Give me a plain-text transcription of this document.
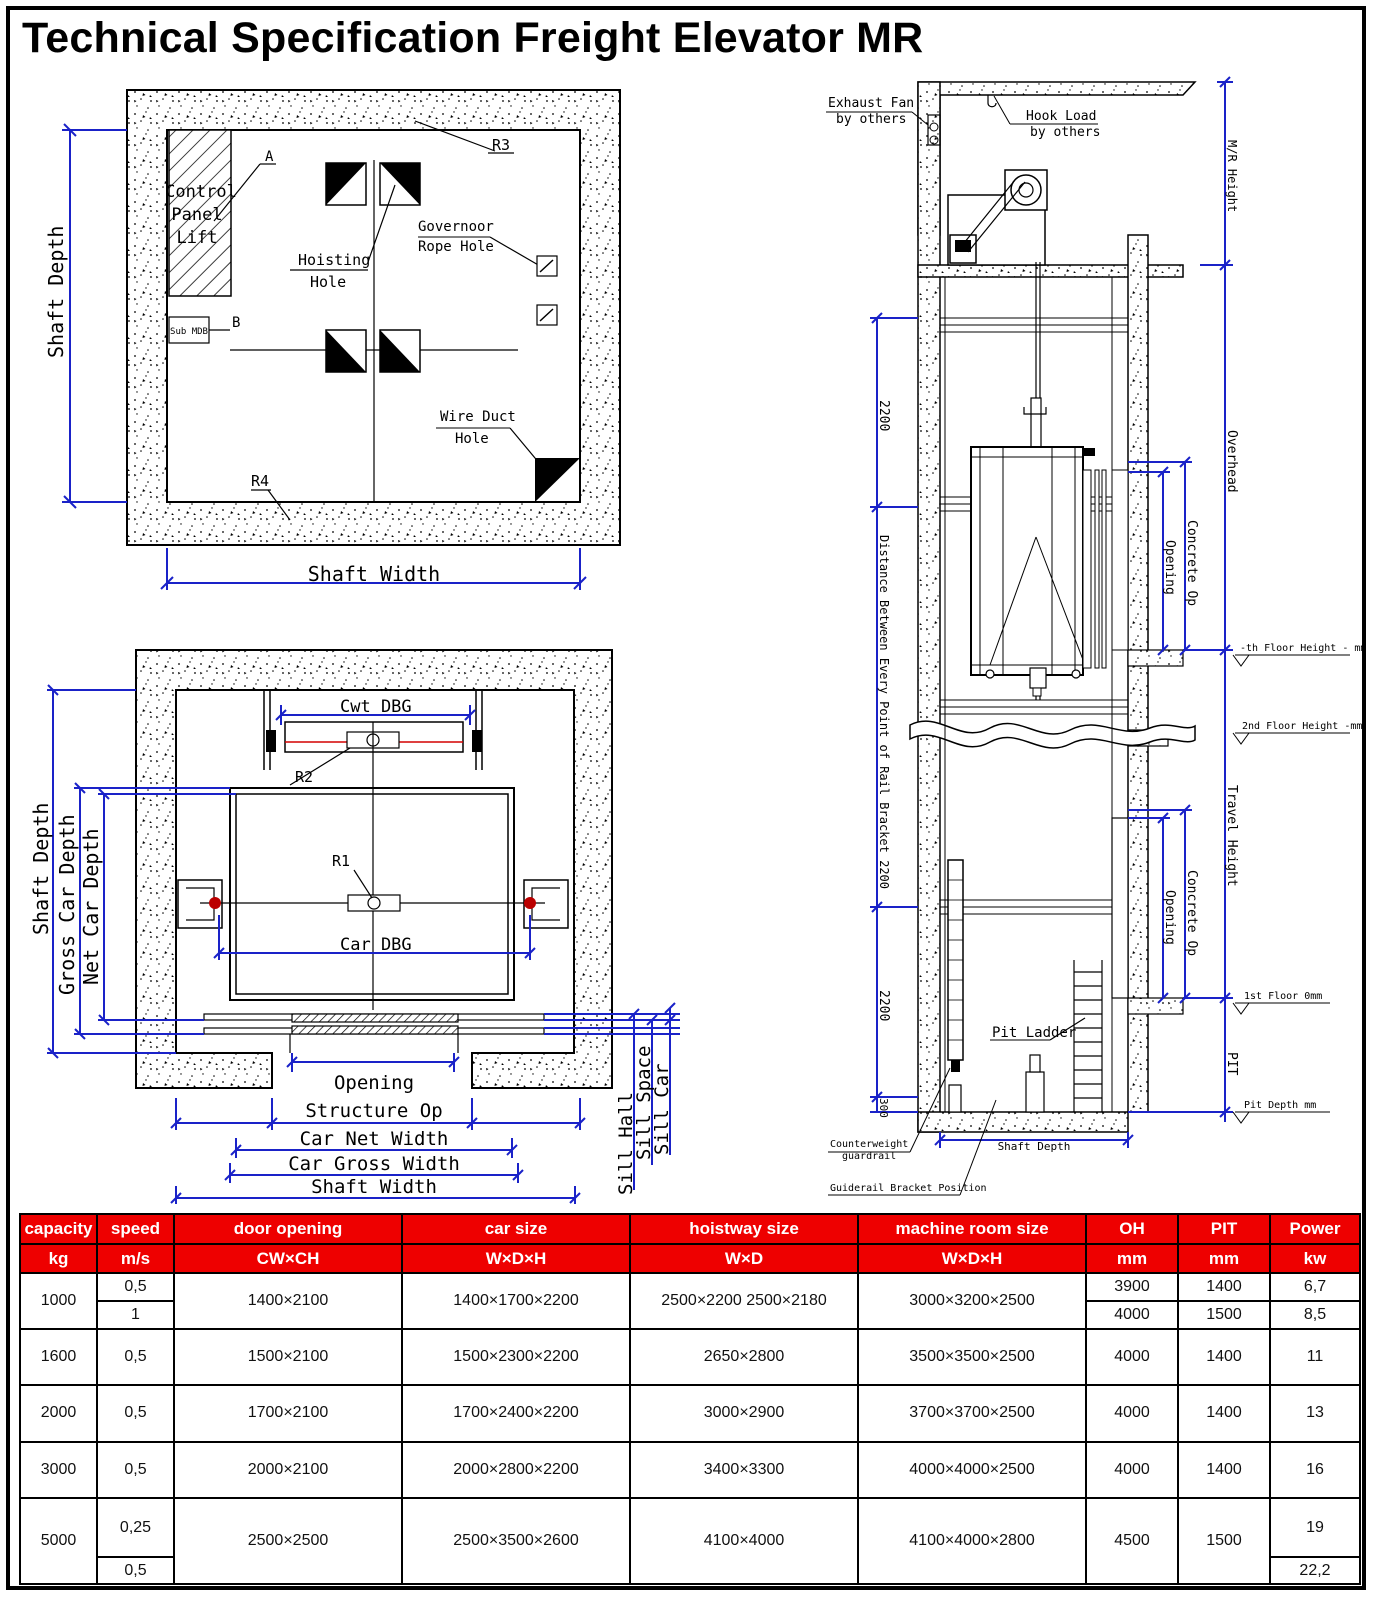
Technical Specification Freight Elevator MR
Control
Panel
Lift
A
Sub MDB
B
R3
Hoisting
Hole
Governoor
Rope Hole
Wire Duct
Hole
R4
Shaft Depth
Shaft Width
Cwt DBG
R2
R1
Car DBG
Shaft Depth Gross Car Depth Net Car Depth
Opening
Structure Op
Car Net Width
Car Gross Width
Shaft Width	Sill Hall
Sill Space
Sill Car
Pit Ladder
Exhaust Fan
by others	Hook Load
by others
M/R Height
Overhead
Travel Height
PIT
2200
Distance Between Every Point of Rail Bracket 2200
2200
300
Concrete Op
Opening
Concrete Op
Opening
-th Floor Height - mm
2nd Floor Height -mm
1st Floor 0mm
Pit Depth mm
Shaft Depth
Counterweight
guardrail
Guiderail Bracket Position
capacity	speed	door opening	car size	hoistway size	machine room size	OH	PIT	Power
kg	m/s	CW×CH	W×D×H	W×D	W×D×H	mm	mm	kw
1000	0,5	1400×2100	1400×1700×2200	2500×2200 2500×2180	3000×3200×2500	3900	1400	6,7
	1					4000	1500	8,5
1600	0,5	1500×2100	1500×2300×2200	2650×2800	3500×3500×2500	4000	1400	11
2000	0,5	1700×2100	1700×2400×2200	3000×2900	3700×3700×2500	4000	1400	13
3000	0,5	2000×2100	2000×2800×2200	3400×3300	4000×4000×2500	4000	1400	16
5000	0,25	2500×2500	2500×3500×2600	4100×4000	4100×4000×2800	4500	1500	19
	0,5							22,2
